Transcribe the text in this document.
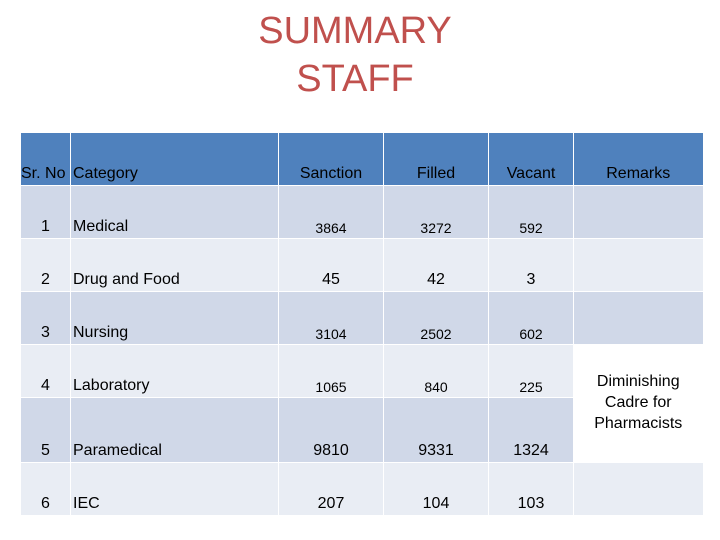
SUMMARY
STAFF
Sr. No	Category	Sanction	Filled	Vacant	Remarks
1	Medical	3864	3272	592	
2	Drug and Food	45	42	3	
3	Nursing	3104	2502	602	
4	Laboratory	1065	840	225	Diminishing
Cadre for
Pharmacists

5	Paramedical	9810	9331	1324	
6	IEC	207	104	103	
